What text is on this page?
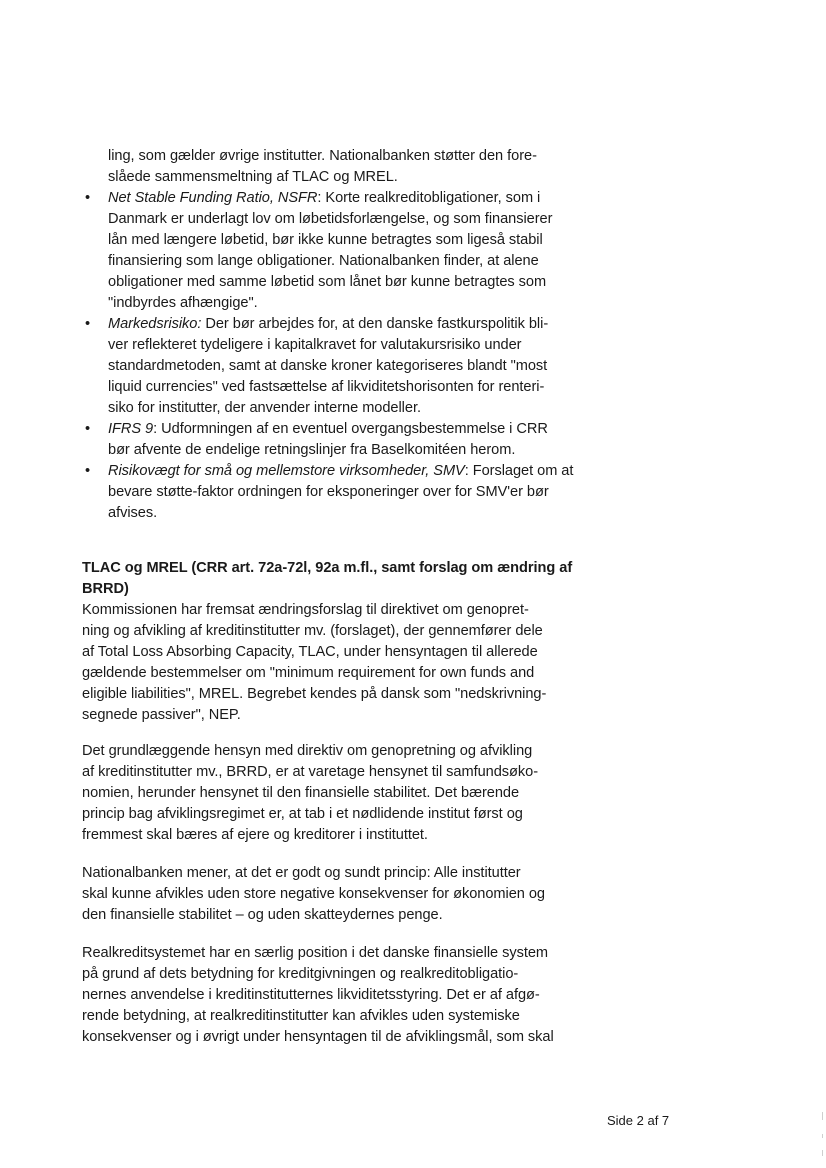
ling, som gælder øvrige institutter. Nationalbanken støtter den fore-
slåede sammensmeltning af TLAC og MREL.
• Net Stable Funding Ratio, NSFR: Korte realkreditobligationer, som i
Danmark er underlagt lov om løbetidsforlængelse, og som finansierer
lån med længere løbetid, bør ikke kunne betragtes som ligeså stabil
finansiering som lange obligationer. Nationalbanken finder, at alene
obligationer med samme løbetid som lånet bør kunne betragtes som
"indbyrdes afhængige".
• Markedsrisiko: Der bør arbejdes for, at den danske fastkurspolitik bli-
ver reflekteret tydeligere i kapitalkravet for valutakursrisiko under
standardmetoden, samt at danske kroner kategoriseres blandt "most
liquid currencies" ved fastsættelse af likviditetshorisonten for renteri-
siko for institutter, der anvender interne modeller.
• IFRS 9: Udformningen af en eventuel overgangsbestemmelse i CRR
bør afvente de endelige retningslinjer fra Baselkomitéen herom.
• Risikovægt for små og mellemstore virksomheder, SMV: Forslaget om at
bevare støtte-faktor ordningen for eksponeringer over for SMV'er bør
afvises.
TLAC og MREL (CRR art. 72a-72l, 92a m.fl., samt forslag om ændring af
BRRD)
Kommissionen har fremsat ændringsforslag til direktivet om genopret-
ning og afvikling af kreditinstitutter mv. (forslaget), der gennemfører dele
af Total Loss Absorbing Capacity, TLAC, under hensyntagen til allerede
gældende bestemmelser om "minimum requirement for own funds and
eligible liabilities", MREL. Begrebet kendes på dansk som "nedskrivning-
segnede passiver", NEP.
Det grundlæggende hensyn med direktiv om genopretning og afvikling
af kreditinstitutter mv., BRRD, er at varetage hensynet til samfundsøko-
nomien, herunder hensynet til den finansielle stabilitet. Det bærende
princip bag afviklingsregimet er, at tab i et nødlidende institut først og
fremmest skal bæres af ejere og kreditorer i instituttet.
Nationalbanken mener, at det er godt og sundt princip: Alle institutter
skal kunne afvikles uden store negative konsekvenser for økonomien og
den finansielle stabilitet – og uden skatteydernes penge.
Realkreditsystemet har en særlig position i det danske finansielle system
på grund af dets betydning for kreditgivningen og realkreditobligatio-
nernes anvendelse i kreditinstitutternes likviditetsstyring. Det er af afgø-
rende betydning, at realkreditinstitutter kan afvikles uden systemiske
konsekvenser og i øvrigt under hensyntagen til de afviklingsmål, som skal
Side 2 af 7
